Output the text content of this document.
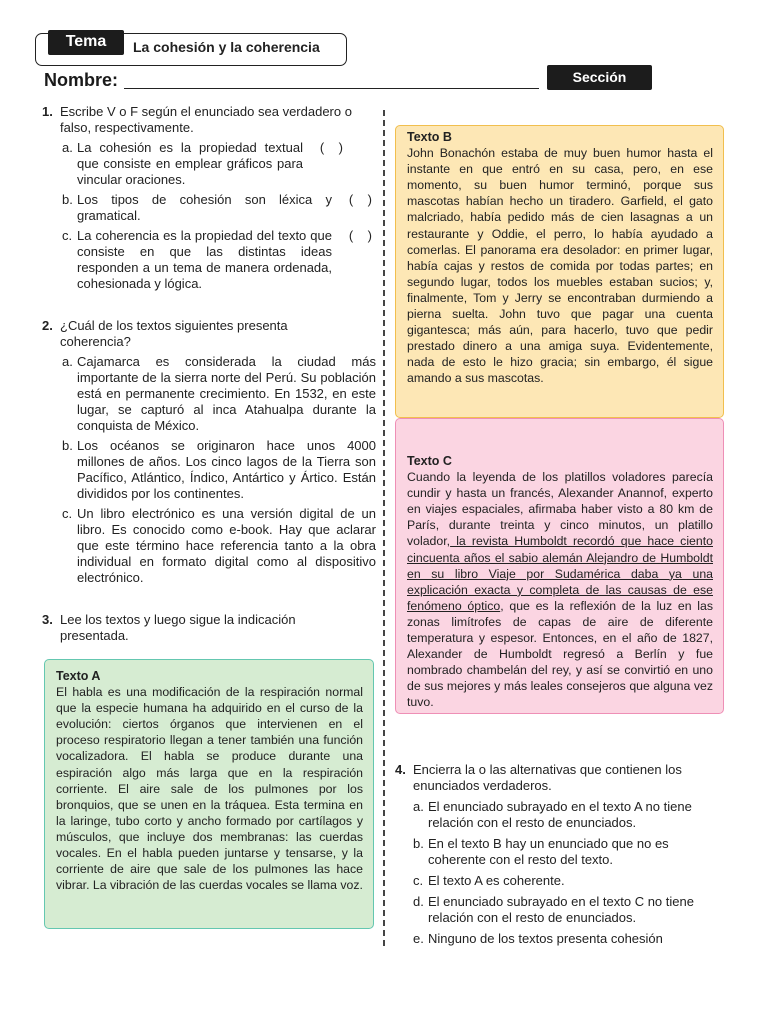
Tema	La cohesión y la coherencia
Nombre:	Sección
1. Escribe V o F según el enunciado sea verdadero o falso, respectivamente.
a. La cohesión es la propiedad textual que consiste en emplear gráficos para vincular oraciones.
(    )
b. Los tipos de cohesión son léxica y gramatical.
(    )
c. La coherencia es la propiedad del texto que consiste en que las distintas ideas responden a un tema de manera ordenada, cohesionada y lógica.
(    )
2. ¿Cuál de los textos siguientes presenta coherencia?
a. Cajamarca es considerada la ciudad más importante de la sierra norte del Perú. Su población está en permanente crecimiento. En 1532, en este lugar, se capturó al inca Atahualpa durante la conquista de México.
b. Los océanos se originaron hace unos 4000 millones de años. Los cinco lagos de la Tierra son Pacífico, Atlántico, Índico, Antártico y Ártico. Están divididos por los continentes.
c. Un libro electrónico es una versión digital de un libro. Es conocido como e-book. Hay que aclarar que este término hace referencia tanto a la obra individual en formato digital como al dispositivo electrónico.
3. Lee los textos y luego sigue la indicación presentada.
Texto A
El habla es una modificación de la respiración normal que la especie humana ha adquirido en el curso de la evolución: ciertos órganos que intervienen en el proceso respiratorio llegan a tener también una función vocalizadora. El habla se produce durante una espiración algo más larga que en la respiración corriente. El aire sale de los pulmones por los bronquios, que se unen en la tráquea. Esta termina en la laringe, tubo corto y ancho formado por cartílagos y músculos, que incluye dos membranas: las cuerdas vocales. En el habla pueden juntarse y tensarse, y la corriente de aire que sale de los pulmones las hace vibrar. La vibración de las cuerdas vocales se llama voz.
Texto B
John Bonachón estaba de muy buen humor hasta el instante en que entró en su casa, pero, en ese momento, su buen humor terminó, porque sus mascotas habían hecho un tiradero. Garfield, el gato malcriado, había pedido más de cien lasagnas a un restaurante y Oddie, el perro, lo había ayudado a comerlas. El panorama era desolador: en primer lugar, había cajas y restos de comida por todas partes; en segundo lugar, todos los muebles estaban sucios; y, finalmente, Tom y Jerry se encontraban durmiendo a pierna suelta. John tuvo que pagar una cuenta gigantesca; más aún, para hacerlo, tuvo que pedir prestado dinero a una amiga suya. Evidentemente, nada de esto le hizo gracia; sin embargo, él sigue amando a sus mascotas.
Texto C
Cuando la leyenda de los platillos voladores parecía cundir y hasta un francés, Alexander Anannof, experto en viajes espaciales, afirmaba haber visto a 80 km de París, durante treinta y cinco minutos, un platillo volador, la revista Humboldt recordó que hace ciento cincuenta años el sabio alemán Alejandro de Humboldt en su libro Viaje por Sudamérica daba ya una explicación exacta y completa de las causas de ese fenómeno óptico, que es la reflexión de la luz en las zonas limítrofes de capas de aire de diferente temperatura y espesor. Entonces, en el año de 1827, Alexander de Humboldt regresó a Berlín y fue nombrado chambelán del rey, y así se convirtió en uno de sus mejores y más leales consejeros que alguna vez tuvo.
4. Encierra la o las alternativas que contienen los enunciados verdaderos.
a. El enunciado subrayado en el texto A no tiene relación con el resto de enunciados.
b. En el texto B hay un enunciado que no es coherente con el resto del texto.
c. El texto A es coherente.
d. El enunciado subrayado en el texto C no tiene relación con el resto de enunciados.
e. Ninguno de los textos presenta cohesión
